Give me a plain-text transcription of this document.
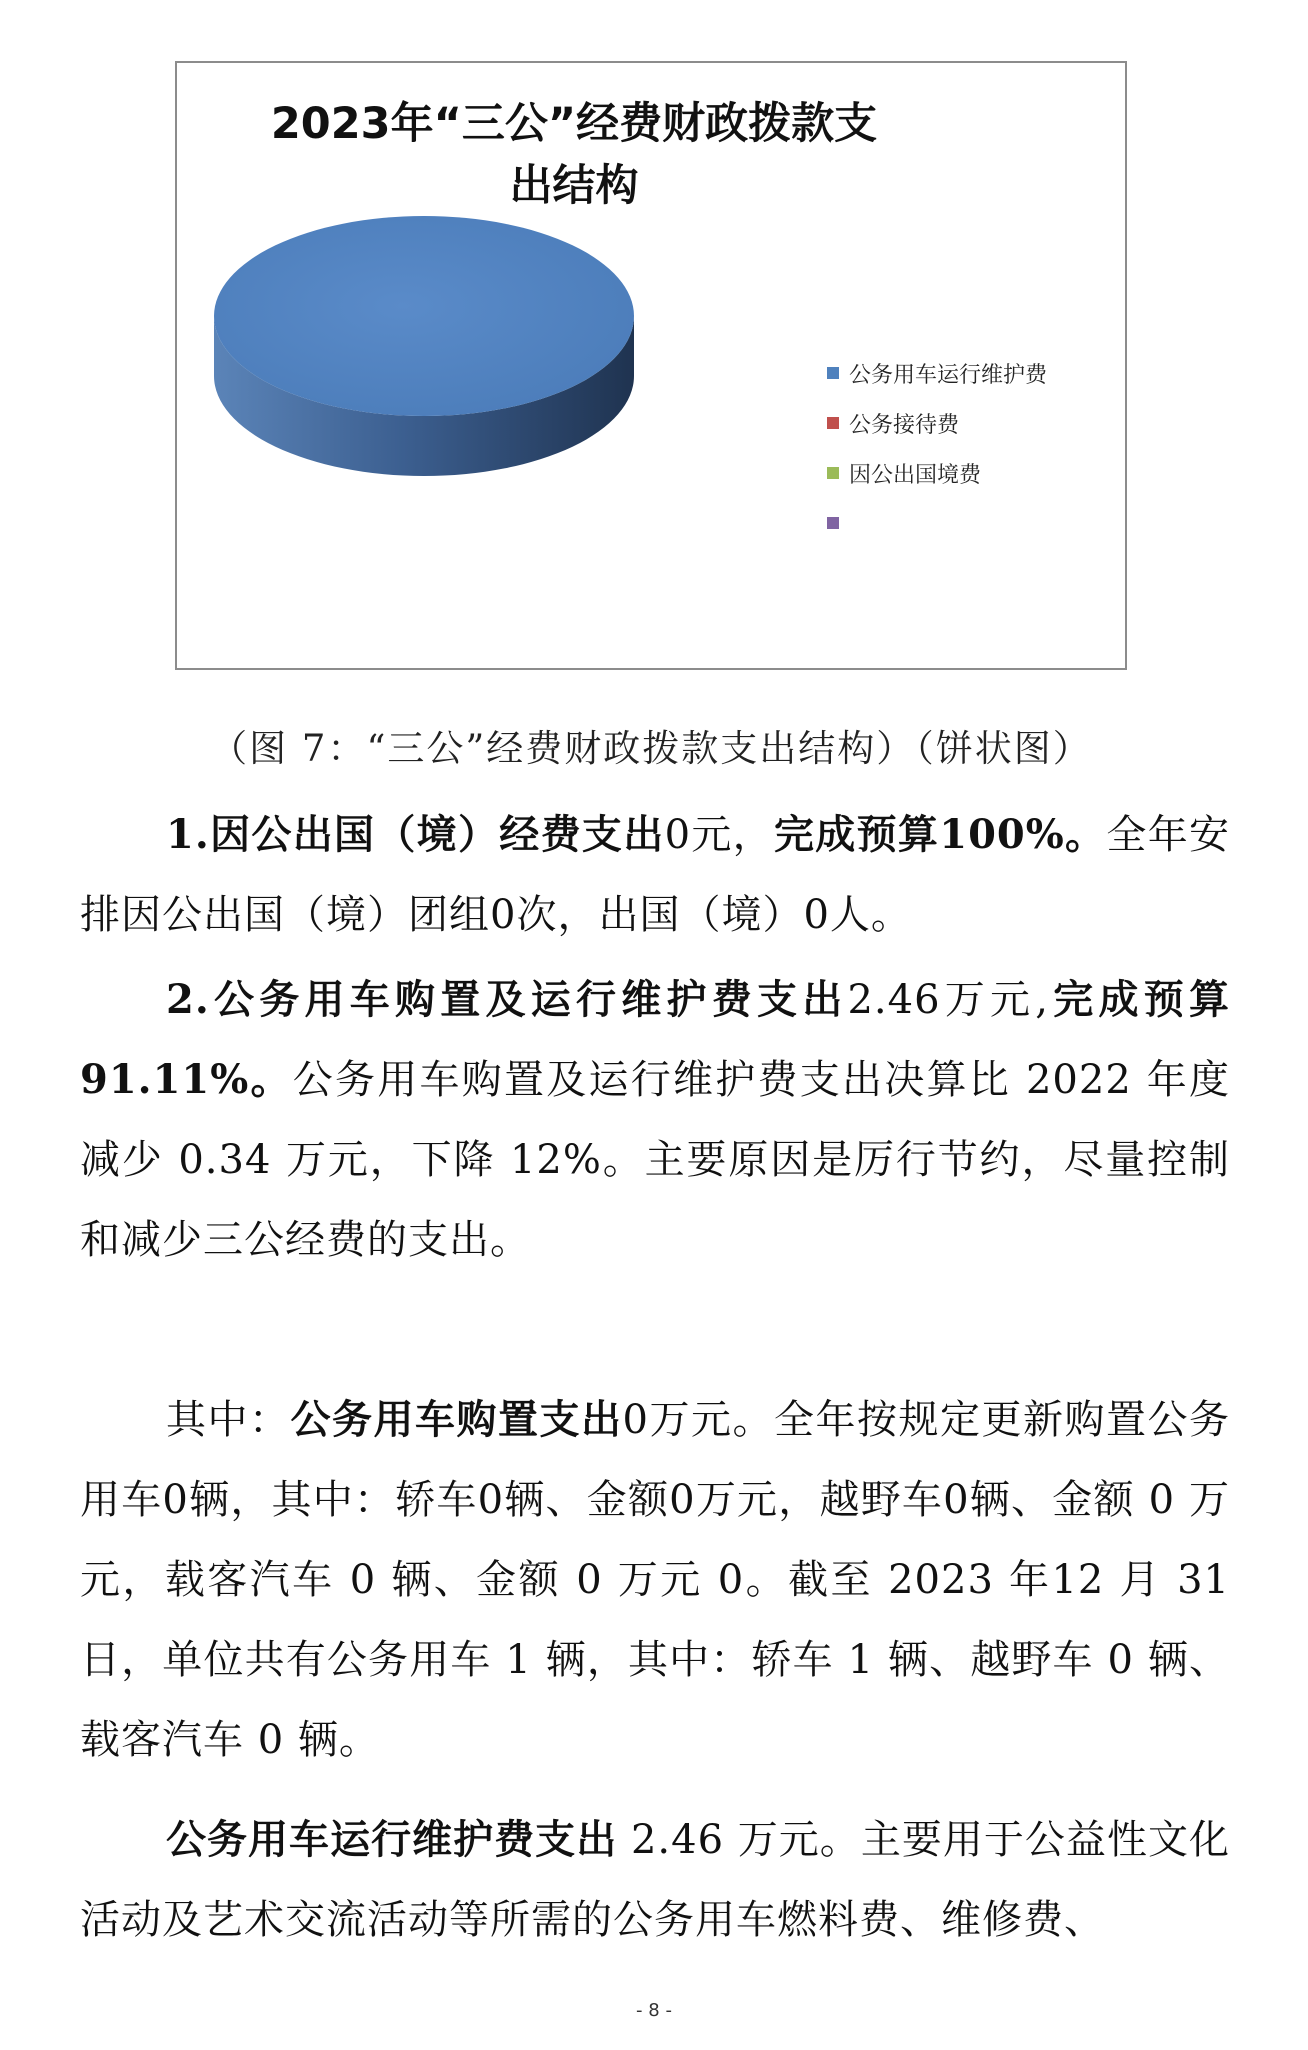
2023年“三公”经费财政拨款支
出结构
公务用车运行维护费
公务接待费
因公出国境费
（图 7：“三公”经费财政拨款支出结构）（饼状图）

1.因公出国（境）经费支出0元，完成预算100%。全年安排因公出国（境）团组0次，出国（境）0人。

2.公务用车购置及运行维护费支出2.46万元,完成预算91.11%。公务用车购置及运行维护费支出决算比 2022 年度减少 0.34 万元，下降 12%。主要原因是厉行节约，尽量控制和减少三公经费的支出。

其中：公务用车购置支出0万元。全年按规定更新购置公务用车0辆，其中：轿车0辆、金额0万元，越野车0辆、金额 0 万元，载客汽车 0 辆、金额 0 万元 0。截至 2023 年12 月 31 日，单位共有公务用车 1 辆，其中：轿车 1 辆、越野车 0 辆、载客汽车 0 辆。

公务用车运行维护费支出 2.46 万元。主要用于公益性文化活动及艺术交流活动等所需的公务用车燃料费、维修费、

- 8 -
